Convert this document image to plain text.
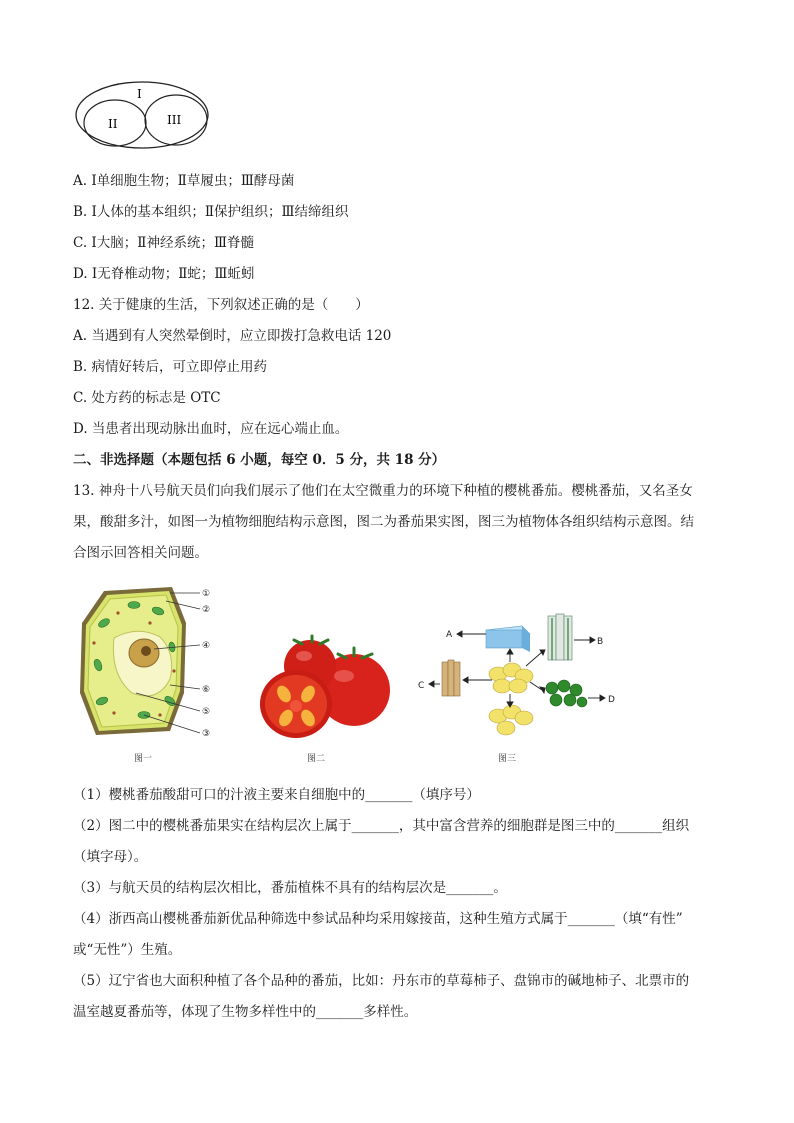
I
II	III
A. Ⅰ单细胞生物；Ⅱ草履虫；Ⅲ酵母菌
B. Ⅰ人体的基本组织；Ⅱ保护组织；Ⅲ结缔组织
C. Ⅰ大脑；Ⅱ神经系统；Ⅲ脊髓
D. Ⅰ无脊椎动物；Ⅱ蛇；Ⅲ蚯蚓
12. 关于健康的生活，下列叙述正确的是（　　）
A. 当遇到有人突然晕倒时，应立即拨打急救电话 120
B. 病情好转后，可立即停止用药
C. 处方药的标志是 OTC
D. 当患者出现动脉出血时，应在远心端止血。
二、非选择题（本题包括 6 小题，每空 0．5 分，共 18 分）
13. 神舟十八号航天员们向我们展示了他们在太空微重力的环境下种植的樱桃番茄。樱桃番茄，又名圣女
果，酸甜多汁，如图一为植物细胞结构示意图，图二为番茄果实图，图三为植物体各组织结构示意图。结
合图示回答相关问题。
①
②
④
⑥
⑤
③
图一	图二
A
B
C
D
图三
（1）樱桃番茄酸甜可口的汁液主要来自细胞中的_______（填序号）
（2）图二中的樱桃番茄果实在结构层次上属于_______，其中富含营养的细胞群是图三中的_______组织
（填字母）。
（3）与航天员的结构层次相比，番茄植株不具有的结构层次是_______。
（4）浙西高山樱桃番茄新优品种筛选中参试品种均采用嫁接苗，这种生殖方式属于_______（填“有性”
或“无性”）生殖。
（5）辽宁省也大面积种植了各个品种的番茄，比如：丹东市的草莓柿子、盘锦市的碱地柿子、北票市的
温室越夏番茄等，体现了生物多样性中的_______多样性。
